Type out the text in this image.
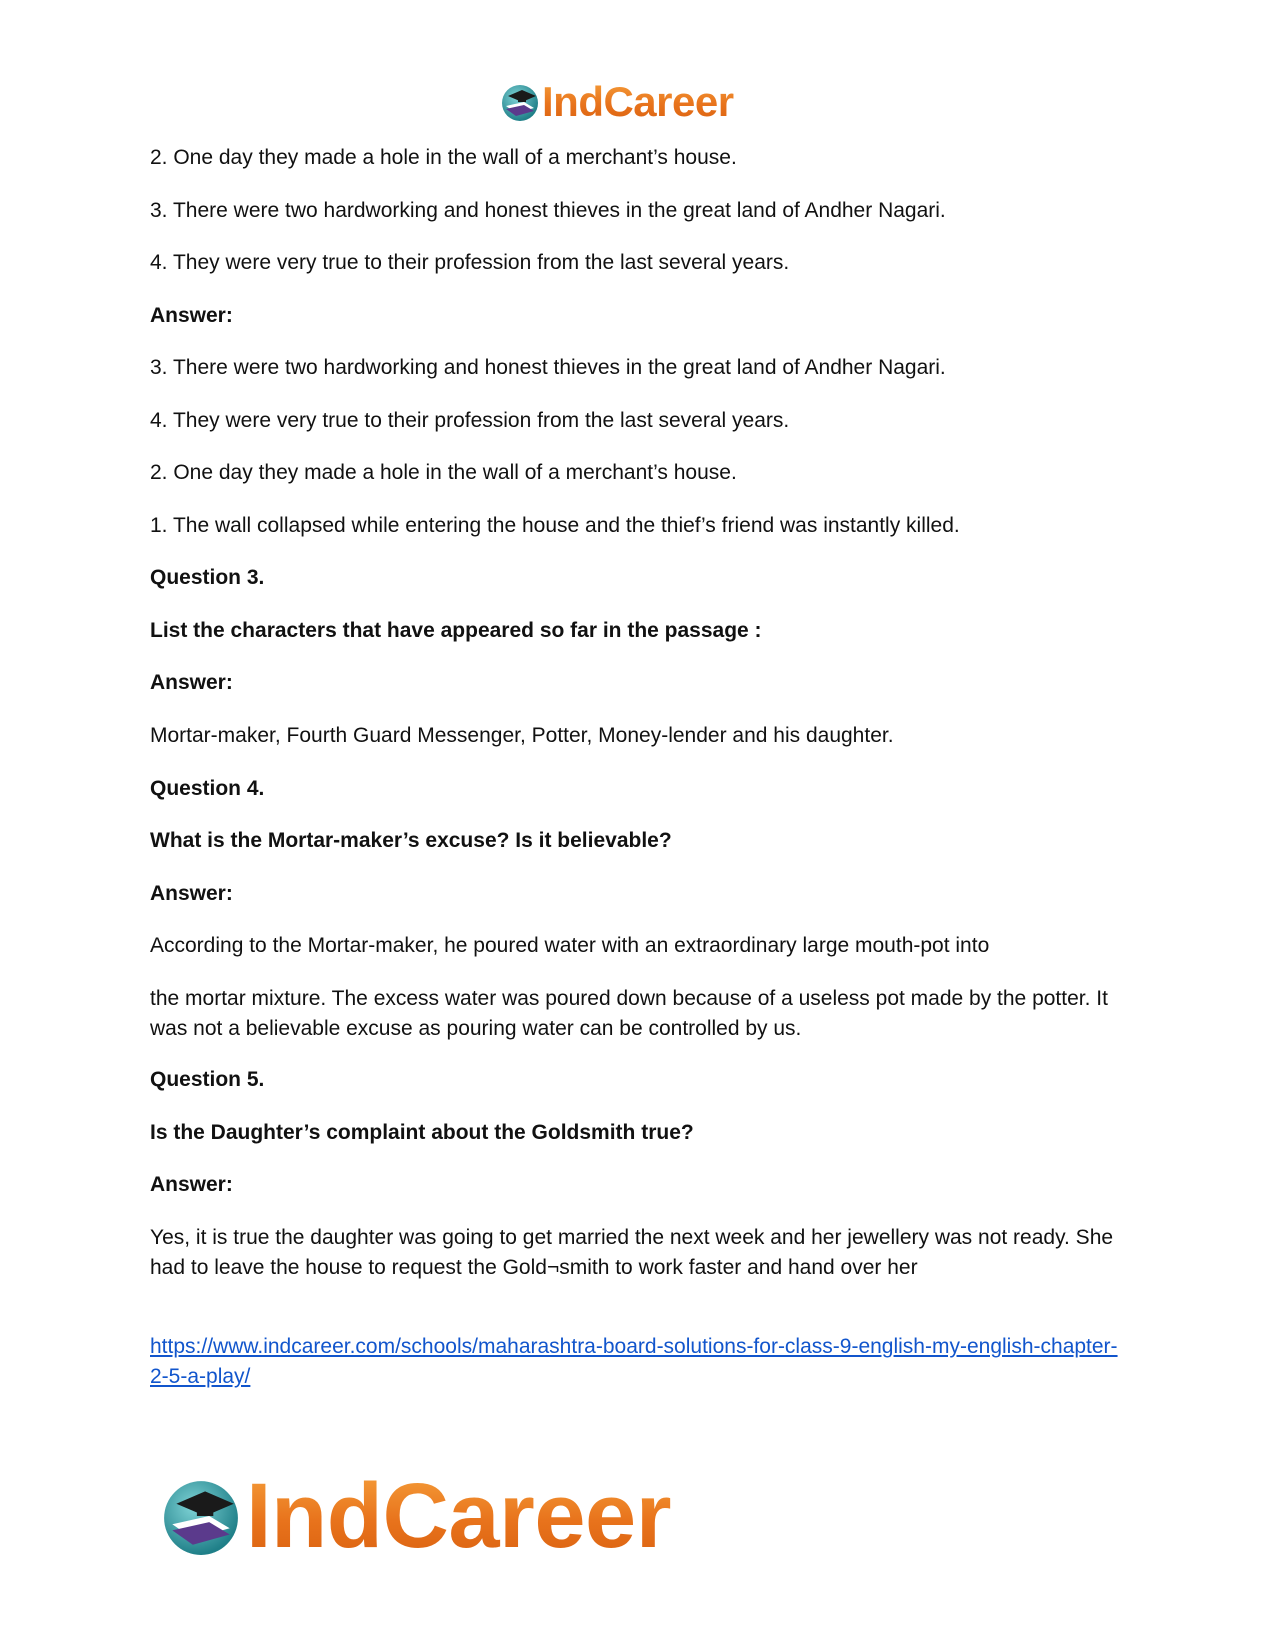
IndCareer

2. One day they made a hole in the wall of a merchant’s house.

3. There were two hardworking and honest thieves in the great land of Andher Nagari.

4. They were very true to their profession from the last several years.

Answer:

3. There were two hardworking and honest thieves in the great land of Andher Nagari.

4. They were very true to their profession from the last several years.

2. One day they made a hole in the wall of a merchant’s house.

1. The wall collapsed while entering the house and the thief’s friend was instantly killed.

Question 3.

List the characters that have appeared so far in the passage :

Answer:

Mortar-maker, Fourth Guard Messenger, Potter, Money-lender and his daughter.

Question 4.

What is the Mortar-maker’s excuse? Is it believable?

Answer:

According to the Mortar-maker, he poured water with an extraordinary large mouth-pot into

the mortar mixture. The excess water was poured down because of a useless pot made by the potter. It was not a believable excuse as pouring water can be controlled by us.

Question 5.

Is the Daughter’s complaint about the Goldsmith true?

Answer:

Yes, it is true the daughter was going to get married the next week and her jewellery was not ready. She had to leave the house to request the Gold¬smith to work faster and hand over her

https://www.indcareer.com/schools/maharashtra-board-solutions-for-class-9-english-my-english-chapter-2-5-a-play/
IndCareer
